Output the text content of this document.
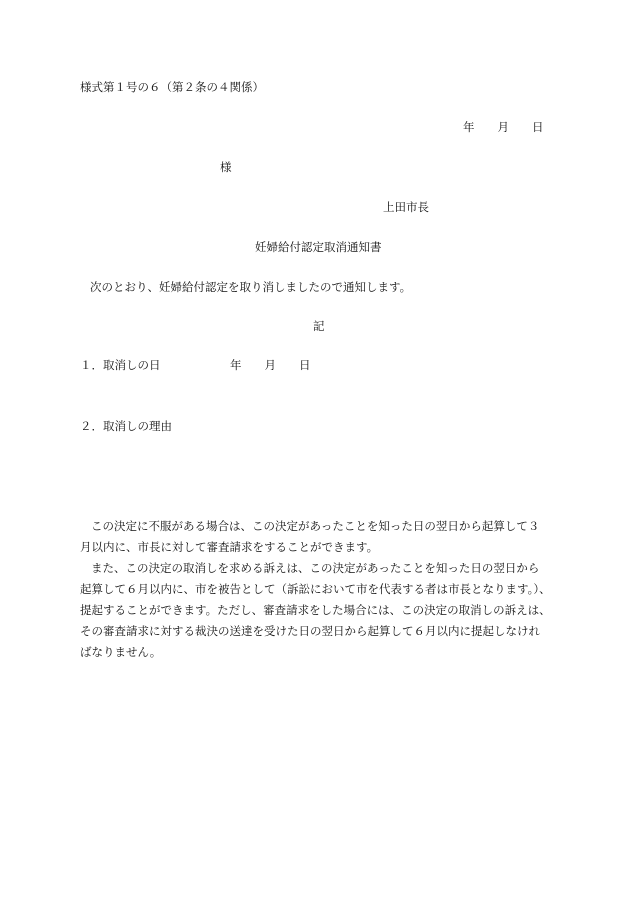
様式第１号の６（第２条の４関係）
年　　月　　日
様
上田市長
妊婦給付認定取消通知書
次のとおり、妊婦給付認定を取り消しましたので通知します。
記
１．取消しの日	年　　月　　日
２．取消しの理由

この決定に不服がある場合は、この決定があったことを知った日の翌日から起算して３
月以内に、市長に対して審査請求をすることができます。

また、この決定の取消しを求める訴えは、この決定があったことを知った日の翌日から
起算して６月以内に、市を被告として（訴訟において市を代表する者は市長となります。）、
提起することができます。ただし、審査請求をした場合には、この決定の取消しの訴えは、
その審査請求に対する裁決の送達を受けた日の翌日から起算して６月以内に提起しなけれ
ばなりません。
